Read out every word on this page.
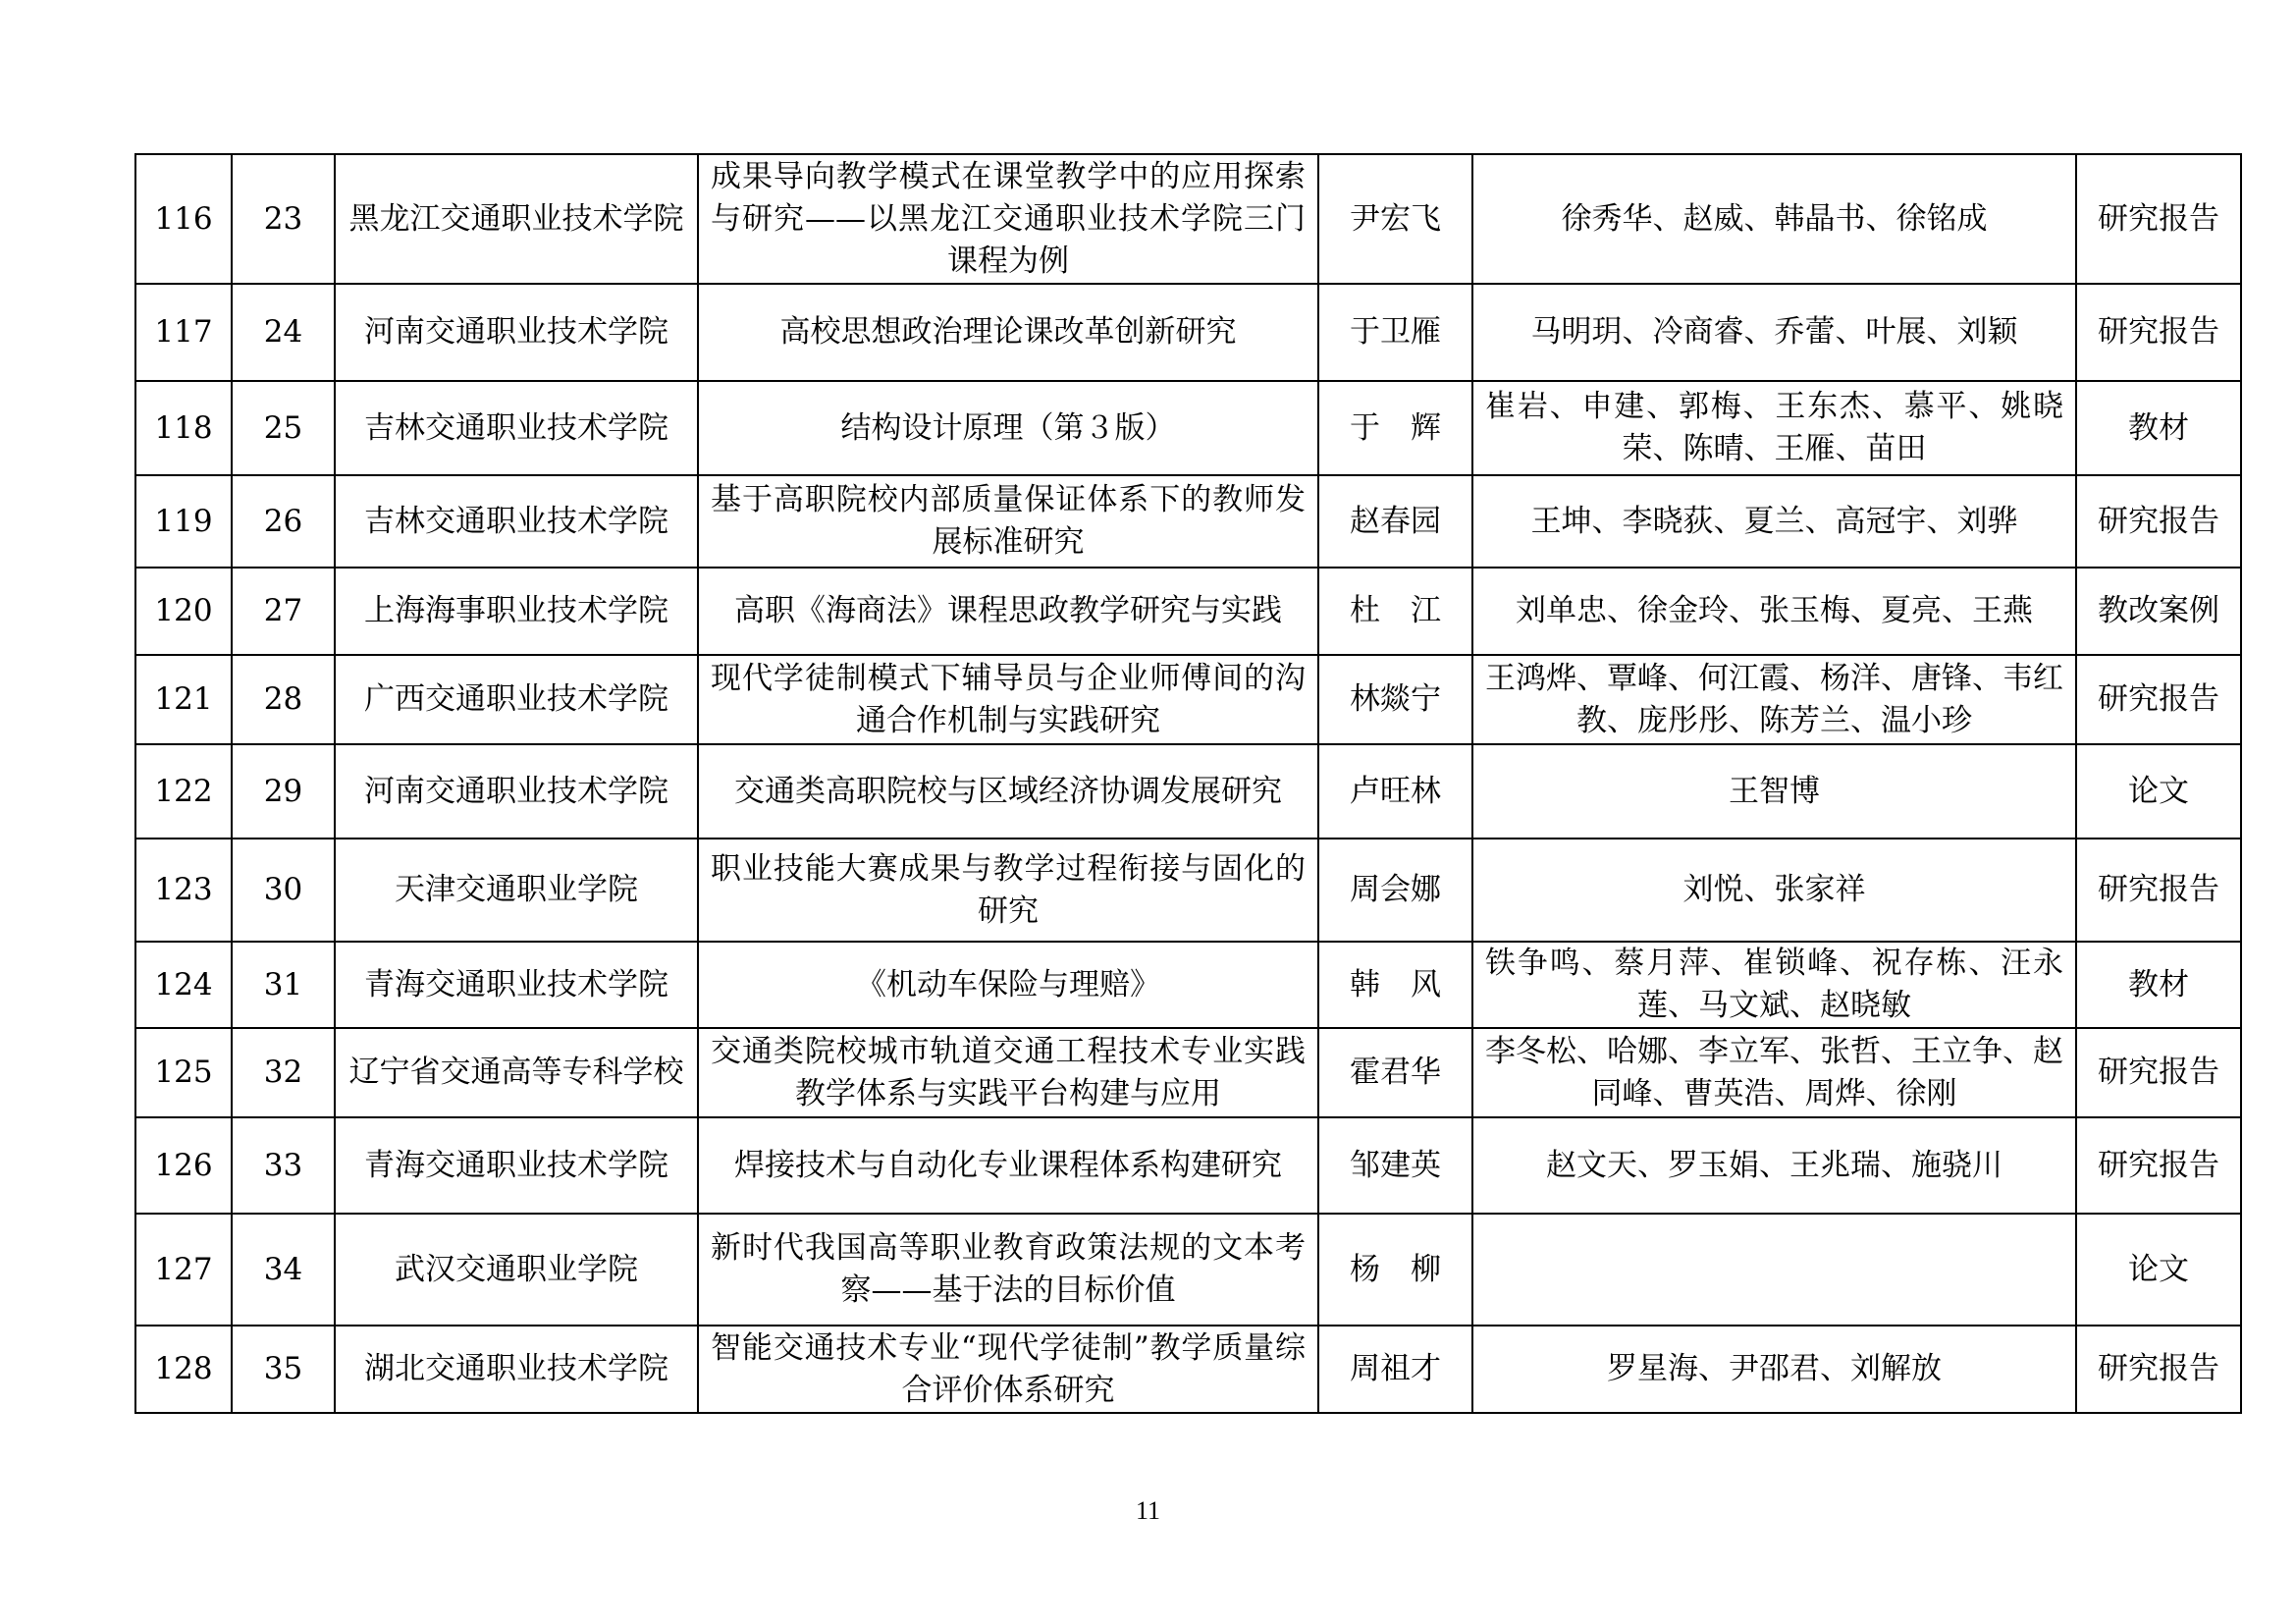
116	23	黑龙江交通职业技术学院	成果导向教学模式在课堂教学中的应用探索与研究——以黑龙江交通职业技术学院三门课程为例	尹宏飞	徐秀华、赵威、韩晶书、徐铭成	研究报告
117	24	河南交通职业技术学院	高校思想政治理论课改革创新研究	于卫雁	马明玥、冷商睿、乔蕾、叶展、刘颖	研究报告
118	25	吉林交通职业技术学院	结构设计原理（第３版）	于　辉	崔岩、申建、郭梅、王东杰、慕平、姚晓荣、陈晴、王雁、苗田	教材
119	26	吉林交通职业技术学院	基于高职院校内部质量保证体系下的教师发展标准研究	赵春园	王坤、李晓荻、夏兰、高冠宇、刘骅	研究报告
120	27	上海海事职业技术学院	高职《海商法》课程思政教学研究与实践	杜　江	刘单忠、徐金玲、张玉梅、夏亮、王燕	教改案例
121	28	广西交通职业技术学院	现代学徒制模式下辅导员与企业师傅间的沟通合作机制与实践研究	林燚宁	王鸿烨、覃峰、何江霞、杨洋、唐锋、韦红教、庞彤彤、陈芳兰、温小珍	研究报告
122	29	河南交通职业技术学院	交通类高职院校与区域经济协调发展研究	卢旺林	王智博	论文
123	30	天津交通职业学院	职业技能大赛成果与教学过程衔接与固化的研究	周会娜	刘悦、张家祥	研究报告
124	31	青海交通职业技术学院	《机动车保险与理赔》	韩　风	铁争鸣、蔡月萍、崔锁峰、祝存栋、汪永莲、马文斌、赵晓敏	教材
125	32	辽宁省交通高等专科学校	交通类院校城市轨道交通工程技术专业实践教学体系与实践平台构建与应用	霍君华	李冬松、哈娜、李立军、张哲、王立争、赵同峰、曹英浩、周烨、徐刚	研究报告
126	33	青海交通职业技术学院	焊接技术与自动化专业课程体系构建研究	邹建英	赵文天、罗玉娟、王兆瑞、施骁川	研究报告
127	34	武汉交通职业学院	新时代我国高等职业教育政策法规的文本考察——基于法的目标价值	杨　柳		论文
128	35	湖北交通职业技术学院	智能交通技术专业“现代学徒制”教学质量综合评价体系研究	周祖才	罗星海、尹邵君、刘解放	研究报告
11
